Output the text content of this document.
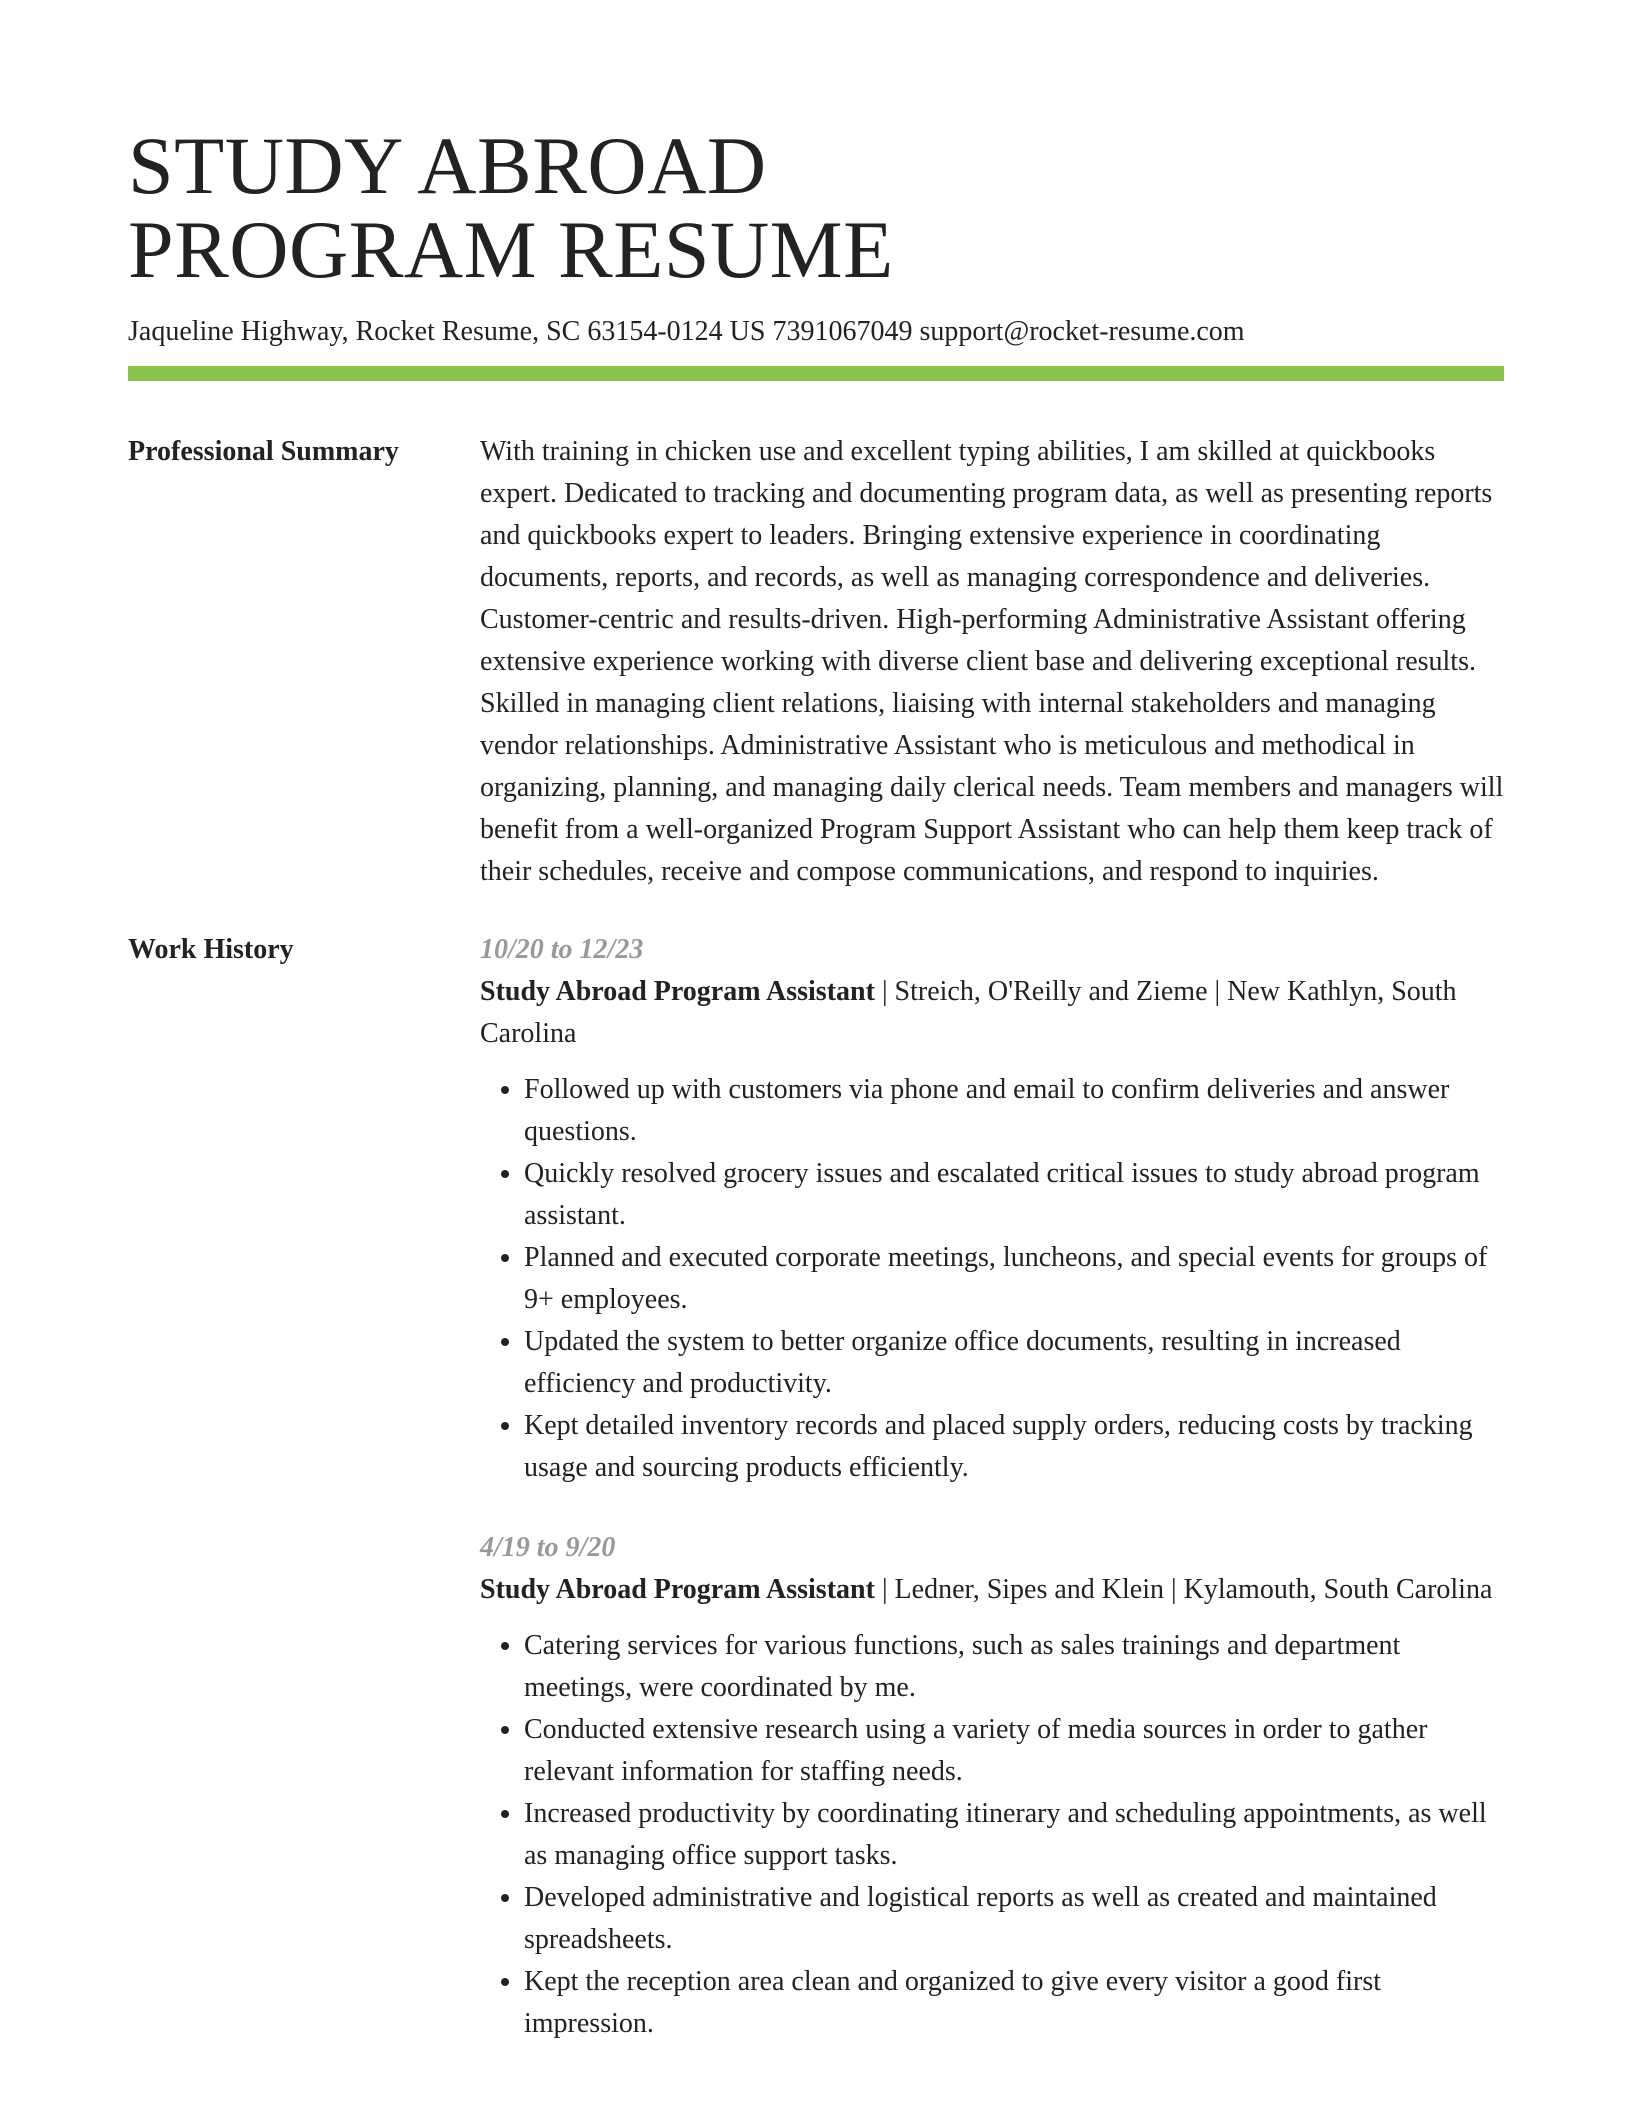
STUDY ABROAD
PROGRAM RESUME
Jaqueline Highway, Rocket Resume, SC 63154-0124 US 7391067049 support@rocket-resume.com
Professional Summary	With training in chicken use and excellent typing abilities, I am skilled at quickbooks expert. Dedicated to tracking and documenting program data, as well as presenting reports and quickbooks expert to leaders. Bringing extensive experience in coordinating documents, reports, and records, as well as managing correspondence and deliveries. Customer-centric and results-driven. High-performing Administrative Assistant offering extensive experience working with diverse client base and delivering exceptional results. Skilled in managing client relations, liaising with internal stakeholders and managing vendor relationships. Administrative Assistant who is meticulous and methodical in organizing, planning, and managing daily clerical needs. Team members and managers will benefit from a well-organized Program Support Assistant who can help them keep track of their schedules, receive and compose communications, and respond to inquiries.

Work History	10/20 to 12/23
Study Abroad Program Assistant | Streich, O'Reilly and Zieme | New Kathlyn, South Carolina
• Followed up with customers via phone and email to confirm deliveries and answer questions.
• Quickly resolved grocery issues and escalated critical issues to study abroad program assistant.
• Planned and executed corporate meetings, luncheons, and special events for groups of 9+ employees.
• Updated the system to better organize office documents, resulting in increased efficiency and productivity.
• Kept detailed inventory records and placed supply orders, reducing costs by tracking usage and sourcing products efficiently.
4/19 to 9/20
Study Abroad Program Assistant | Ledner, Sipes and Klein | Kylamouth, South Carolina
• Catering services for various functions, such as sales trainings and department meetings, were coordinated by me.
• Conducted extensive research using a variety of media sources in order to gather relevant information for staffing needs.
• Increased productivity by coordinating itinerary and scheduling appointments, as well as managing office support tasks.
• Developed administrative and logistical reports as well as created and maintained spreadsheets.
• Kept the reception area clean and organized to give every visitor a good first impression.
